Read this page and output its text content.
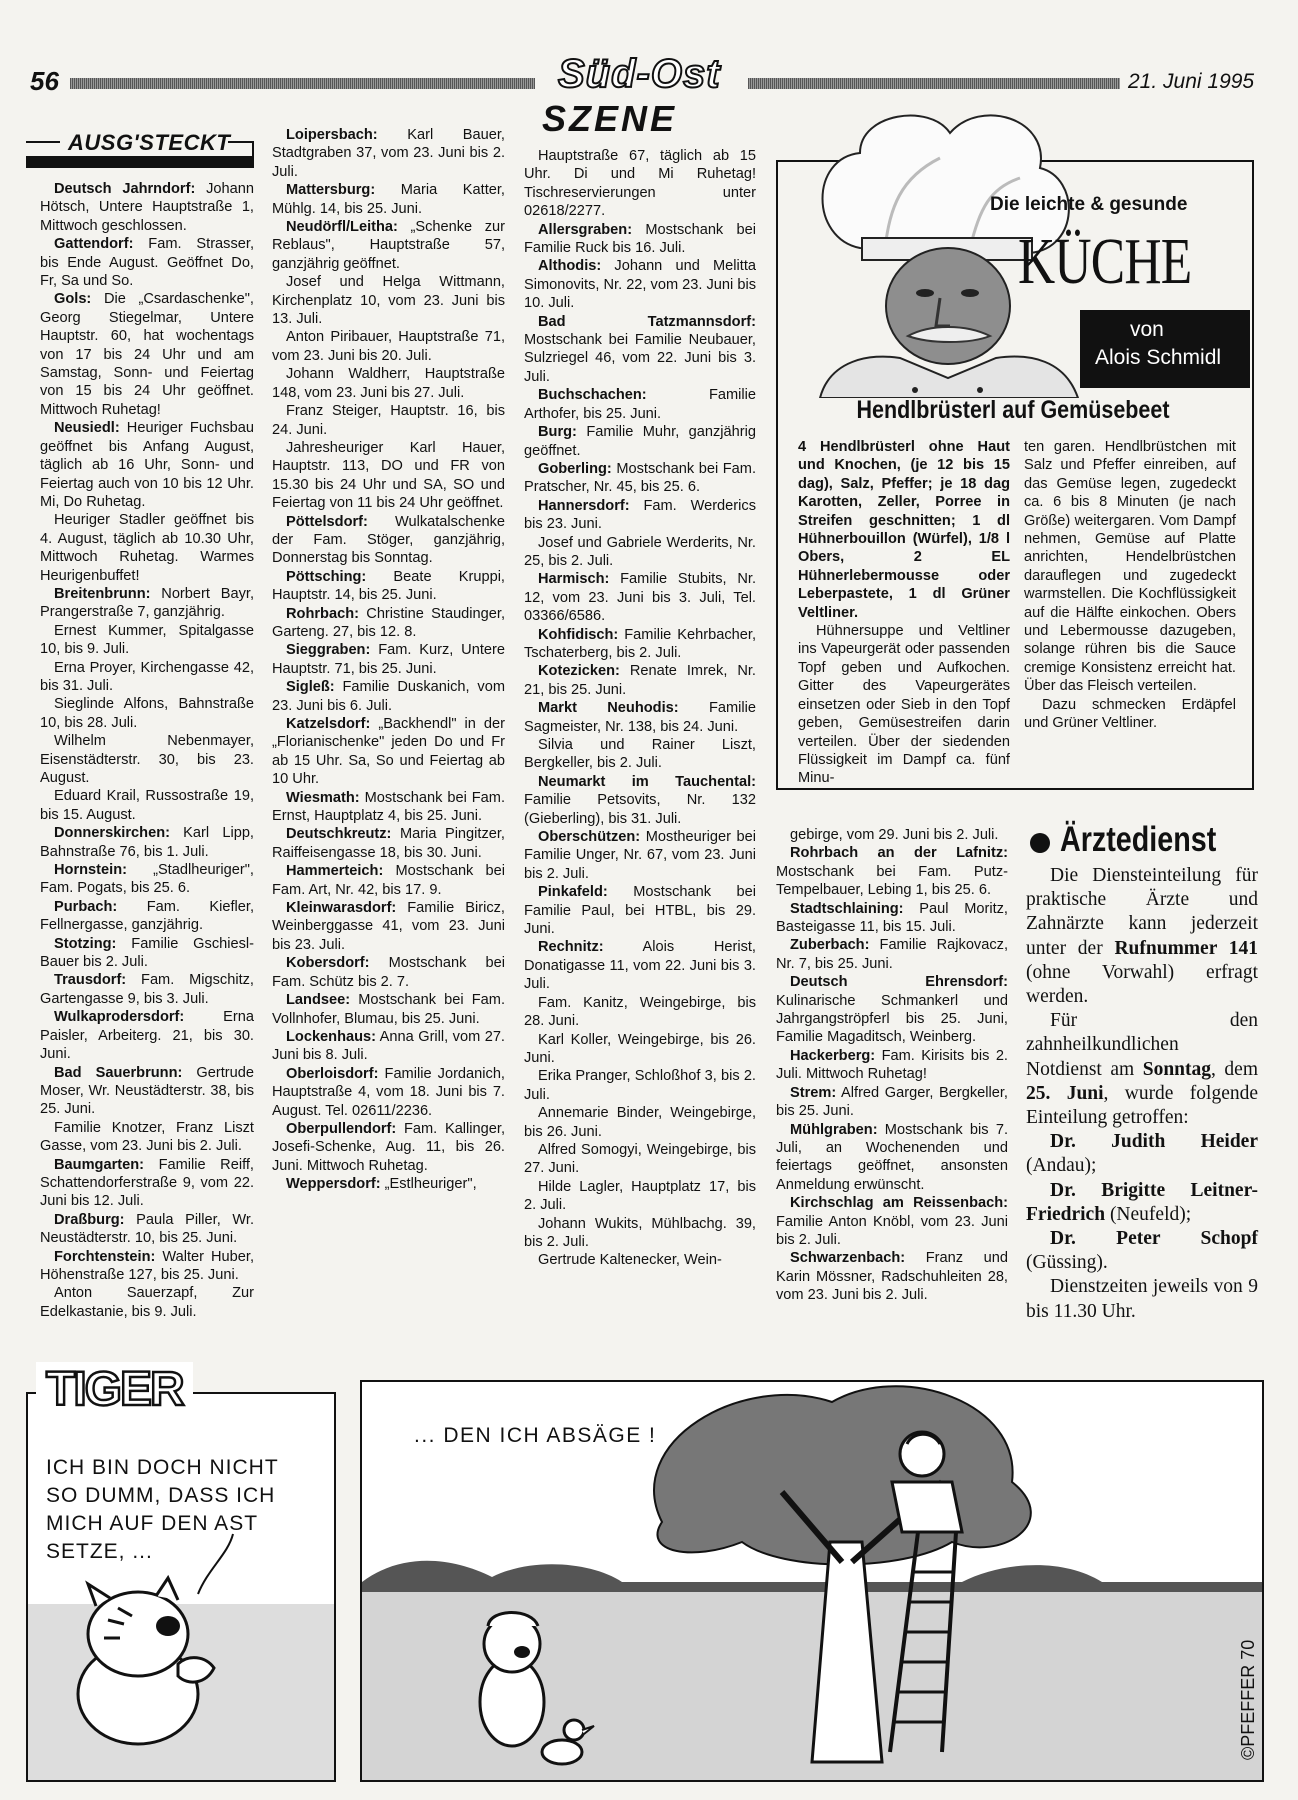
56	Süd-Ost
SZENE
21. Juni 1995
AUSG'STECKT

Deutsch Jahrndorf: Johann Hötsch, Untere Hauptstraße 1, Mittwoch geschlossen.

Gattendorf: Fam. Strasser, bis Ende August. Geöffnet Do, Fr, Sa und So.

Gols: Die „Csardaschenke", Georg Stiegelmar, Untere Hauptstr. 60, hat wochentags von 17 bis 24 Uhr und am Samstag, Sonn- und Feiertag von 15 bis 24 Uhr geöffnet. Mittwoch Ruhetag!

Neusiedl: Heuriger Fuchsbau geöffnet bis Anfang August, täglich ab 16 Uhr, Sonn- und Feiertag auch von 10 bis 12 Uhr. Mi, Do Ruhetag.

Heuriger Stadler geöffnet bis 4. August, täglich ab 10.30 Uhr, Mittwoch Ruhetag. Warmes Heurigenbuffet!

Breitenbrunn: Norbert Bayr, Prangerstraße 7, ganzjährig.

Ernest Kummer, Spitalgasse 10, bis 9. Juli.

Erna Proyer, Kirchengasse 42, bis 31. Juli.

Sieglinde Alfons, Bahnstraße 10, bis 28. Juli.

Wilhelm Nebenmayer, Eisenstädterstr. 30, bis 23. August.

Eduard Krail, Russostraße 19, bis 15. August.

Donnerskirchen: Karl Lipp, Bahnstraße 76, bis 1. Juli.

Hornstein: „Stadlheuriger", Fam. Pogats, bis 25. 6.

Purbach: Fam. Kiefler, Fellnergasse, ganzjährig.

Stotzing: Familie Gschiesl-Bauer bis 2. Juli.

Trausdorf: Fam. Migschitz, Gartengasse 9, bis 3. Juli.

Wulkaprodersdorf: Erna Paisler, Arbeiterg. 21, bis 30. Juni.

Bad Sauerbrunn: Gertrude Moser, Wr. Neustädterstr. 38, bis 25. Juni.

Familie Knotzer, Franz Liszt Gasse, vom 23. Juni bis 2. Juli.

Baumgarten: Familie Reiff, Schattendorferstraße 9, vom 22. Juni bis 12. Juli.

Draßburg: Paula Piller, Wr. Neustädterstr. 10, bis 25. Juni.

Forchtenstein: Walter Huber, Höhenstraße 127, bis 25. Juni.

Anton Sauerzapf, Zur Edelkastanie, bis 9. Juli.

Loipersbach: Karl Bauer, Stadtgraben 37, vom 23. Juni bis 2. Juli.

Mattersburg: Maria Katter, Mühlg. 14, bis 25. Juni.

Neudörfl/Leitha: „Schenke zur Reblaus", Hauptstraße 57, ganzjährig geöffnet.

Josef und Helga Wittmann, Kirchenplatz 10, vom 23. Juni bis 13. Juli.

Anton Piribauer, Hauptstraße 71, vom 23. Juni bis 20. Juli.

Johann Waldherr, Hauptstraße 148, vom 23. Juni bis 27. Juli.

Franz Steiger, Hauptstr. 16, bis 24. Juni.

Jahresheuriger Karl Hauer, Hauptstr. 113, DO und FR von 15.30 bis 24 Uhr und SA, SO und Feiertag von 11 bis 24 Uhr geöffnet.

Pöttelsdorf: Wulkatalschenke der Fam. Stöger, ganzjährig, Donnerstag bis Sonntag.

Pöttsching: Beate Kruppi, Hauptstr. 14, bis 25. Juni.

Rohrbach: Christine Staudinger, Garteng. 27, bis 12. 8.

Sieggraben: Fam. Kurz, Untere Hauptstr. 71, bis 25. Juni.

Sigleß: Familie Duskanich, vom 23. Juni bis 6. Juli.

Katzelsdorf: „Backhendl" in der „Florianischenke" jeden Do und Fr ab 15 Uhr. Sa, So und Feiertag ab 10 Uhr.

Wiesmath: Mostschank bei Fam. Ernst, Hauptplatz 4, bis 25. Juni.

Deutschkreutz: Maria Pingitzer, Raiffeisengasse 18, bis 30. Juni.

Hammerteich: Mostschank bei Fam. Art, Nr. 42, bis 17. 9.

Kleinwarasdorf: Familie Biricz, Weinberggasse 41, vom 23. Juni bis 23. Juli.

Kobersdorf: Mostschank bei Fam. Schütz bis 2. 7.

Landsee: Mostschank bei Fam. Vollnhofer, Blumau, bis 25. Juni.

Lockenhaus: Anna Grill, vom 27. Juni bis 8. Juli.

Oberloisdorf: Familie Jordanich, Hauptstraße 4, vom 18. Juni bis 7. August. Tel. 02611/2236.

Oberpullendorf: Fam. Kallinger, Josefi-Schenke, Aug. 11, bis 26. Juni. Mittwoch Ruhetag.

Weppersdorf: „Estlheuriger",

Hauptstraße 67, täglich ab 15 Uhr. Di und Mi Ruhetag! Tischreservierungen unter 02618/2277.

Allersgraben: Mostschank bei Familie Ruck bis 16. Juli.

Althodis: Johann und Melitta Simonovits, Nr. 22, vom 23. Juni bis 10. Juli.

Bad Tatzmannsdorf: Mostschank bei Familie Neubauer, Sulzriegel 46, vom 22. Juni bis 3. Juli.

Buchschachen: Familie Arthofer, bis 25. Juni.

Burg: Familie Muhr, ganzjährig geöffnet.

Goberling: Mostschank bei Fam. Pratscher, Nr. 45, bis 25. 6.

Hannersdorf: Fam. Werderics bis 23. Juni.

Josef und Gabriele Werderits, Nr. 25, bis 2. Juli.

Harmisch: Familie Stubits, Nr. 12, vom 23. Juni bis 3. Juli, Tel. 03366/6586.

Kohfidisch: Familie Kehrbacher, Tschaterberg, bis 2. Juli.

Kotezicken: Renate Imrek, Nr. 21, bis 25. Juni.

Markt Neuhodis: Familie Sagmeister, Nr. 138, bis 24. Juni.

Silvia und Rainer Liszt, Bergkeller, bis 2. Juli.

Neumarkt im Tauchental: Familie Petsovits, Nr. 132 (Gieberling), bis 31. Juli.

Oberschützen: Mostheuriger bei Familie Unger, Nr. 67, vom 23. Juni bis 2. Juli.

Pinkafeld: Mostschank bei Familie Paul, bei HTBL, bis 29. Juni.

Rechnitz: Alois Herist, Donatigasse 11, vom 22. Juni bis 3. Juli.

Fam. Kanitz, Weingebirge, bis 28. Juni.

Karl Koller, Weingebirge, bis 26. Juni.

Erika Pranger, Schloßhof 3, bis 2. Juli.

Annemarie Binder, Weingebirge, bis 26. Juni.

Alfred Somogyi, Weingebirge, bis 27. Juni.

Hilde Lagler, Hauptplatz 17, bis 2. Juli.

Johann Wukits, Mühlbachg. 39, bis 2. Juli.

Gertrude Kaltenecker, Wein-

gebirge, vom 29. Juni bis 2. Juli.

Rohrbach an der Lafnitz: Mostschank bei Fam. Putz-Tempelbauer, Lebing 1, bis 25. 6.

Stadtschlaining: Paul Moritz, Basteigasse 11, bis 15. Juli.

Zuberbach: Familie Rajkovacz, Nr. 7, bis 25. Juni.

Deutsch Ehrensdorf: Kulinarische Schmankerl und Jahrgangströpferl bis 25. Juni, Familie Magaditsch, Weinberg.

Hackerberg: Fam. Kirisits bis 2. Juli. Mittwoch Ruhetag!

Strem: Alfred Garger, Bergkeller, bis 25. Juni.

Mühlgraben: Mostschank bis 7. Juli, an Wochenenden und feiertags geöffnet, ansonsten Anmeldung erwünscht.

Kirchschlag am Reissenbach: Familie Anton Knöbl, vom 23. Juni bis 2. Juli.

Schwarzenbach: Franz und Karin Mössner, Radschuhleiten 28, vom 23. Juni bis 2. Juli.

Die leichte & gesunde
KÜCHE
von
Alois Schmidl
Hendlbrüsterl auf Gemüsebeet

4 Hendlbrüsterl ohne Haut und Knochen, (je 12 bis 15 dag), Salz, Pfeffer; je 18 dag Karotten, Zeller, Porree in Streifen geschnitten; 1 dl Hühnerbouillon (Würfel), 1/8 l Obers, 2 EL Hühnerlebermousse oder Leberpastete, 1 dl Grüner Veltliner.

Hühnersuppe und Veltliner ins Vapeurgerät oder passenden Topf geben und Aufkochen. Gitter des Vapeurgerätes einsetzen oder Sieb in den Topf geben, Gemüsestreifen darin verteilen. Über der siedenden Flüssigkeit im Dampf ca. fünf Minu-

ten garen. Hendlbrüstchen mit Salz und Pfeffer einreiben, auf das Gemüse legen, zugedeckt ca. 6 bis 8 Minuten (je nach Größe) weitergaren. Vom Dampf nehmen, Gemüse auf Platte anrichten, Hendelbrüstchen darauflegen und zugedeckt warmstellen. Die Kochflüssigkeit auf die Hälfte einkochen. Obers und Lebermousse dazugeben, solange rühren bis die Sauce cremige Konsistenz erreicht hat. Über das Fleisch verteilen.

Dazu schmecken Erdäpfel und Grüner Veltliner.

Ärztedienst

Die Diensteinteilung für praktische Ärzte und Zahnärzte kann jederzeit unter der Rufnummer 141 (ohne Vorwahl) erfragt werden.

Für den zahnheilkundlichen Notdienst am Sonntag, dem 25. Juni, wurde folgende Einteilung getroffen:

Dr. Judith Heider (Andau);

Dr. Brigitte Leitner-Friedrich (Neufeld);

Dr. Peter Schopf (Güssing).

Dienstzeiten jeweils von 9 bis 11.30 Uhr.

TIGER
ICH BIN DOCH NICHT SO DUMM, DASS ICH MICH AUF DEN AST SETZE, ...
... DEN ICH ABSÄGE !
©PFEFFER 70
